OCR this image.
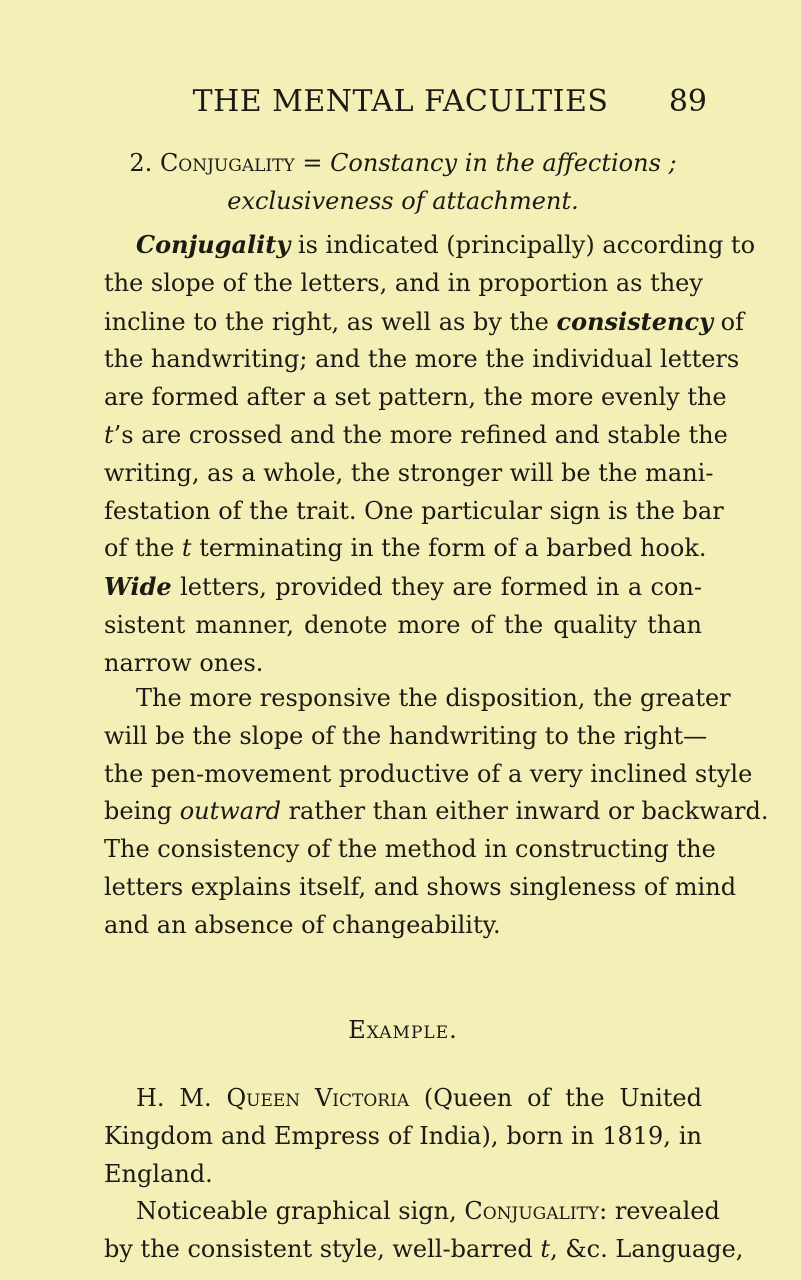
THE MENTAL FACULTIES	89
2. Conjugality = Constancy in the affections ;
exclusiveness of attachment.
Conjugality is indicated (principally) according to
the slope of the letters, and in proportion as they
incline to the right, as well as by the consistency of
the handwriting; and the more the individual letters
are formed after a set pattern, the more evenly the
t’s are crossed and the more refined and stable the
writing, as a whole, the stronger will be the mani-
festation of the trait. One particular sign is the bar
of the t terminating in the form of a barbed hook.
Wide letters, provided they are formed in a con-
sistent manner, denote more of the quality than
narrow ones.
The more responsive the disposition, the greater
will be the slope of the handwriting to the right—
the pen-movement productive of a very inclined style
being outward rather than either inward or backward.
The consistency of the method in constructing the
letters explains itself, and shows singleness of mind
and an absence of changeability.
Example.
H. M. Queen Victoria (Queen of the United
Kingdom and Empress of India), born in 1819, in
England.
Noticeable graphical sign, Conjugality: revealed
by the consistent style, well-barred t, &c. Language,
